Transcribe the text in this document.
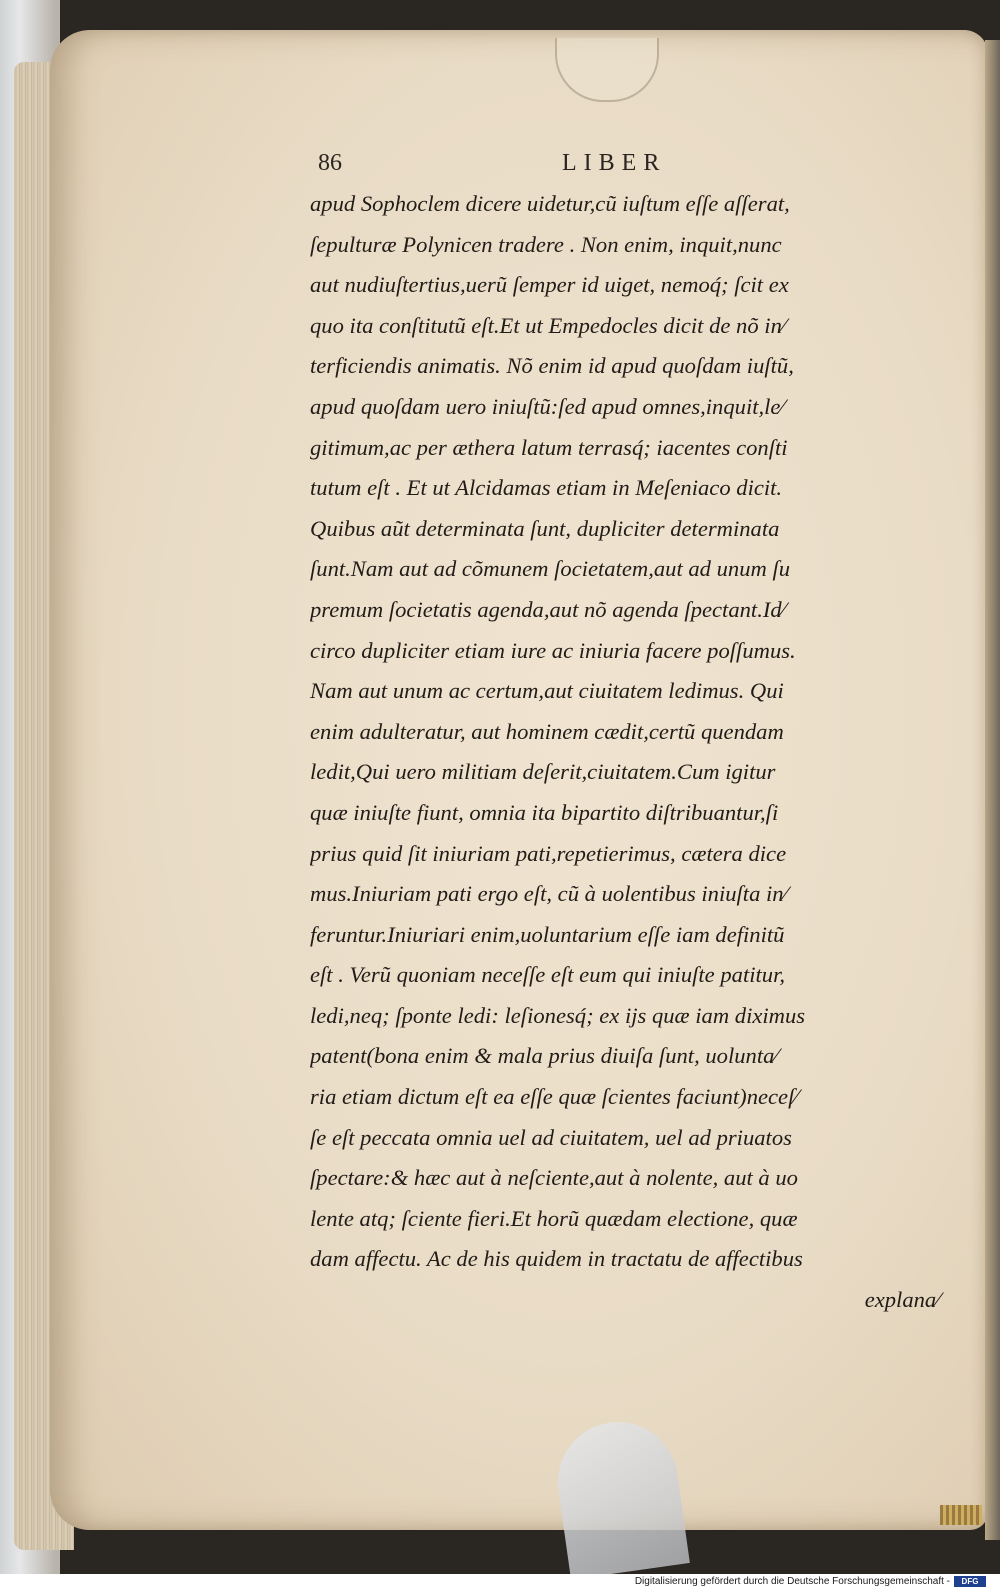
86	LIBER
apud Sophoclem dicere uidetur,cũ iuſtum eſſe aſſerat,
ſepulturæ Polynicen tradere . Non enim, inquit,nunc
aut nudiuſtertius,uerũ ſemper id uiget, nemoq́; ſcit ex
quo ita conſtitutũ eſt.Et ut Empedocles dicit de nõ in⁄
terficiendis animatis. Nõ enim id apud quoſdam iuſtũ,
apud quoſdam uero iniuſtũ:ſed apud omnes,inquit,le⁄
gitimum,ac per æthera latum terrasq́; iacentes conſti
tutum eſt . Et ut Alcidamas etiam in Meſeniaco dicit.
Quibus aũt determinata ſunt, dupliciter determinata
ſunt.Nam aut ad cõmunem ſocietatem,aut ad unum ſu
premum ſocietatis agenda,aut nõ agenda ſpectant.Id⁄
circo dupliciter etiam iure ac iniuria facere poſſumus.
Nam aut unum ac certum,aut ciuitatem ledimus. Qui
enim adulteratur, aut hominem cædit,certũ quendam
ledit,Qui uero militiam deſerit,ciuitatem.Cum igitur
quæ iniuſte fiunt, omnia ita bipartito diſtribuantur,ſi
prius quid ſit iniuriam pati,repetierimus, cætera dice
mus.Iniuriam pati ergo eſt, cũ à uolentibus iniuſta in⁄
feruntur.Iniuriari enim,uoluntarium eſſe iam definitũ
eſt . Verũ quoniam neceſſe eſt eum qui iniuſte patitur,
ledi,neq; ſponte ledi: leſionesq́; ex ijs quæ iam diximus
patent(bona enim & mala prius diuiſa ſunt, uolunta⁄
ria etiam dictum eſt ea eſſe quæ ſcientes faciunt)neceſ⁄
ſe eſt peccata omnia uel ad ciuitatem, uel ad priuatos
ſpectare:& hæc aut à neſciente,aut à nolente, aut à uo
lente atq; ſciente fieri.Et horũ quædam electione, quæ
dam affectu. Ac de his quidem in tractatu de affectibus
explana⁄
Digitalisierung gefördert durch die Deutsche Forschungsgemeinschaft -	DFG
